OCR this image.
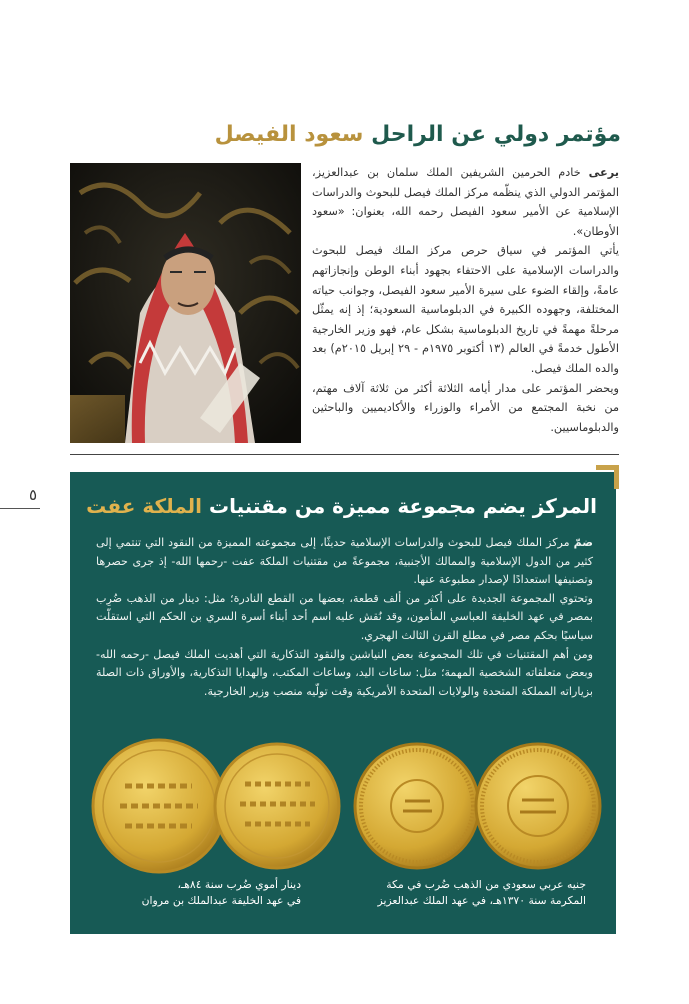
مؤتمر دولي عن الراحل سعود الفيصل

يرعى خادم الحرمين الشريفين الملك سلمان بن عبدالعزيز، المؤتمر الدولي الذي ينظّمه مركز الملك فيصل للبحوث والدراسات الإسلامية عن الأمير سعود الفيصل رحمه الله، بعنوان: «سعود الأوطان».

يأتي المؤتمر في سياق حرص مركز الملك فيصل للبحوث والدراسات الإسلامية على الاحتفاء بجهود أبناء الوطن وإنجازاتهم عامةً، وإلقاء الضوء على سيرة الأمير سعود الفيصل، وجوانب حياته المختلفة، وجهوده الكبيرة في الدبلوماسية السعودية؛ إذ إنه يمثّل مرحلةً مهمةً في تاريخ الدبلوماسية بشكل عام، فهو وزير الخارجية الأطول خدمةً في العالم (١٣ أكتوبر ١٩٧٥م - ٢٩ إبريل ٢٠١٥م) بعد والده الملك فيصل.

ويحضر المؤتمر على مدار أيامه الثلاثة أكثر من ثلاثة آلاف مهتم، من نخبة المجتمع من الأمراء والوزراء والأكاديميين والباحثين والدبلوماسيين.

٥	المركز يضم مجموعة مميزة من مقتنيات الملكة عفت

ضمّ مركز الملك فيصل للبحوث والدراسات الإسلامية حديثًا، إلى مجموعته المميزة من النقود التي تنتمي إلى كثير من الدول الإسلامية والممالك الأجنبية، مجموعةً من مقتنيات الملكة عفت -رحمها الله- إذ جرى حصرها وتصنيفها استعدادًا لإصدار مطبوعة عنها.

وتحتوي المجموعة الجديدة على أكثر من ألف قطعة، بعضها من القطع النادرة؛ مثل: دينار من الذهب ضُرِب بمصر في عهد الخليفة العباسي المأمون، وقد نُقش عليه اسم أحد أبناء أسرة السري بن الحكم التي استقلّت سياسيًا بحكم مصر في مطلع القرن الثالث الهجري.

ومن أهم المقتنيات في تلك المجموعة بعض النياشين والنقود التذكارية التي أهديت الملك فيصل -رحمه الله- وبعض متعلقاته الشخصية المهمة؛ مثل: ساعات اليد، وساعات المكتب، والهدايا التذكارية، والأوراق ذات الصلة بزياراته المملكة المتحدة والولايات المتحدة الأمريكية وقت تولّيه منصب وزير الخارجية.

جنيه عربي سعودي من الذهب ضُرب في مكة
المكرمة سنة ١٣٧٠هـ، في عهد الملك عبدالعزيز
دينار أموي ضُرب سنة ٨٤هـ،
في عهد الخليفة عبدالملك بن مروان
